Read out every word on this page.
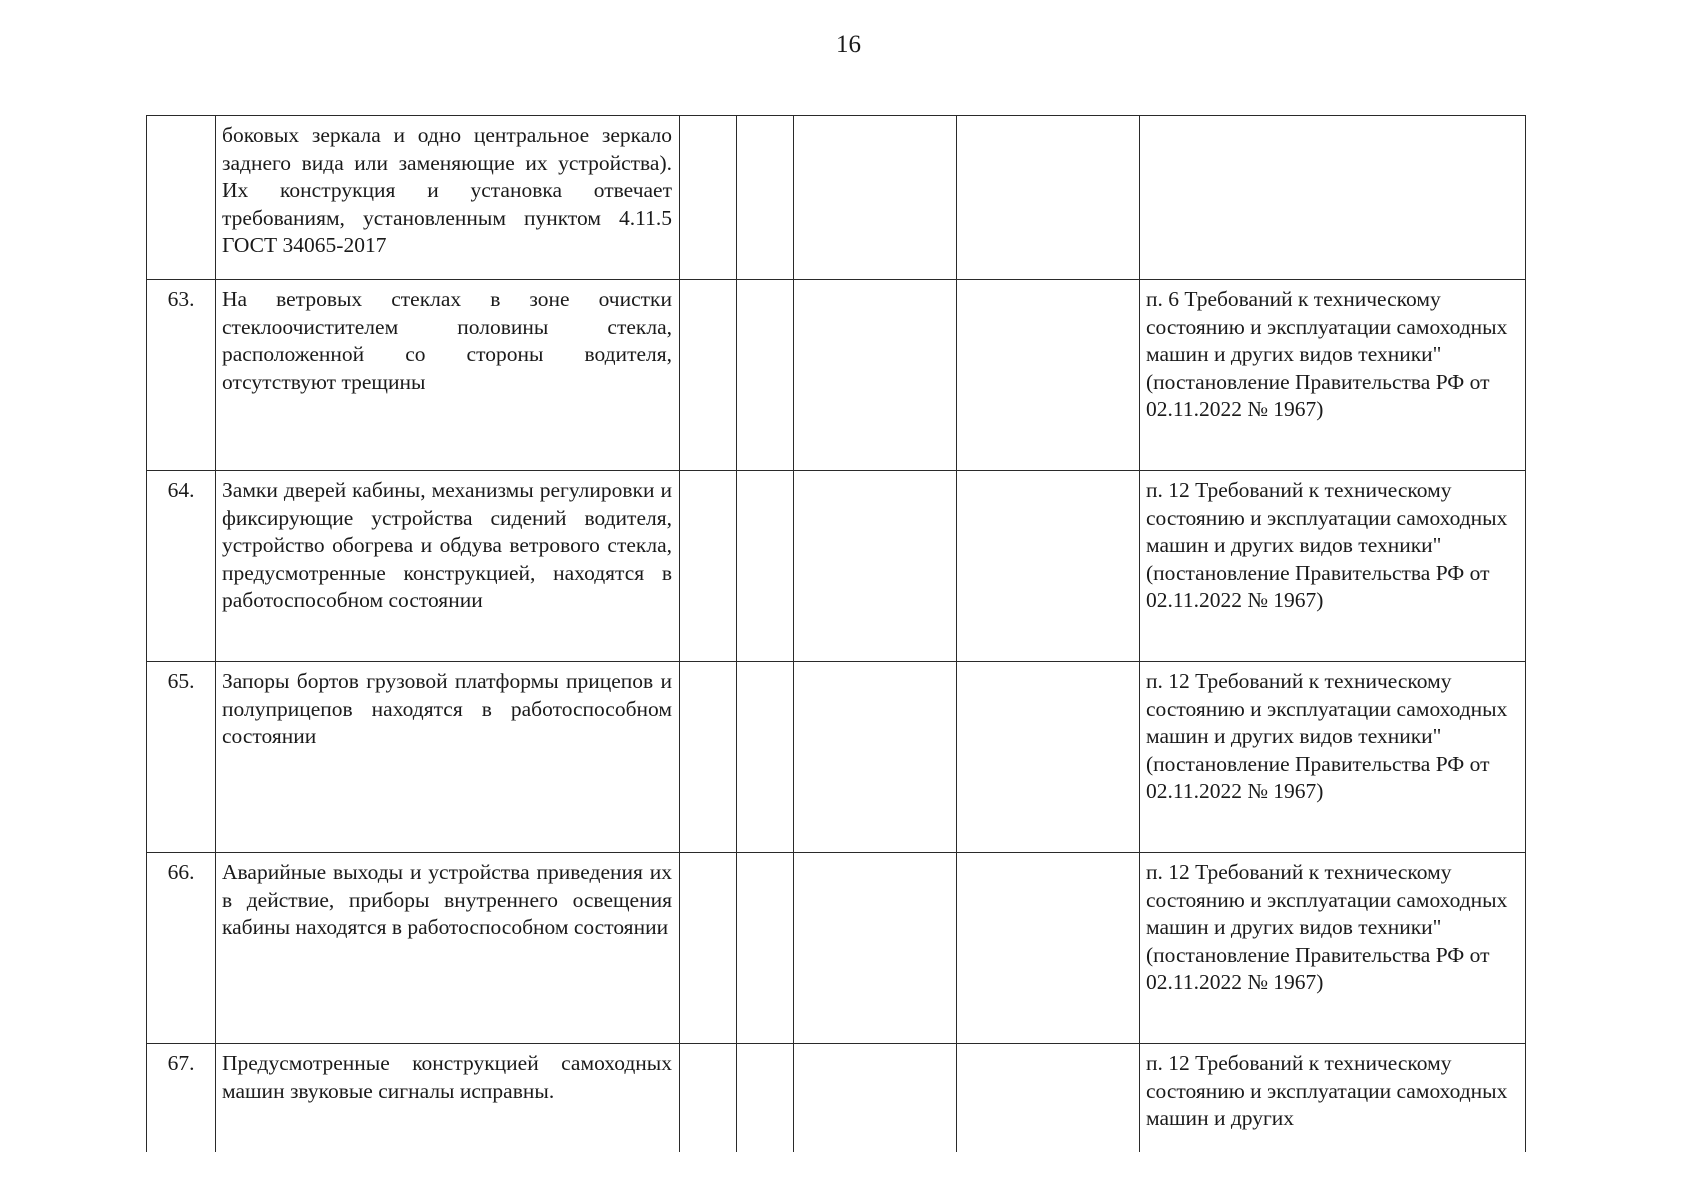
16
	боковых зеркала и одно центральное зеркало заднего вида или заменяющие их устройства). Их конструкция и установка отвечает требованиям, установленным пунктом 4.11.5 ГОСТ 34065-2017					
63.	На ветровых стеклах в зоне очистки стеклоочистителем половины стекла, расположенной со стороны водителя, отсутствуют трещины					п. 6 Требований к техническому состоянию и эксплуатации самоходных машин и других видов техники" (постановление Правительства РФ от 02.11.2022 № 1967)
64.	Замки дверей кабины, механизмы регулировки и фиксирующие устройства сидений водителя, устройство обогрева и обдува ветрового стекла, предусмотренные конструкцией, находятся в работоспособном состоянии					п. 12 Требований к техническому состоянию и эксплуатации самоходных машин и других видов техники" (постановление Правительства РФ от 02.11.2022 № 1967)
65.	Запоры бортов грузовой платформы прицепов и полуприцепов находятся в работоспособном состоянии					п. 12 Требований к техническому состоянию и эксплуатации самоходных машин и других видов техники" (постановление Правительства РФ от 02.11.2022 № 1967)
66.	Аварийные выходы и устройства приведения их в действие, приборы внутреннего освещения кабины находятся в работоспособном состоянии					п. 12 Требований к техническому состоянию и эксплуатации самоходных машин и других видов техники" (постановление Правительства РФ от 02.11.2022 № 1967)
67.	Предусмотренные конструкцией самоходных машин звуковые сигналы исправны.					п. 12 Требований к техническому состоянию и эксплуатации самоходных машин и других
